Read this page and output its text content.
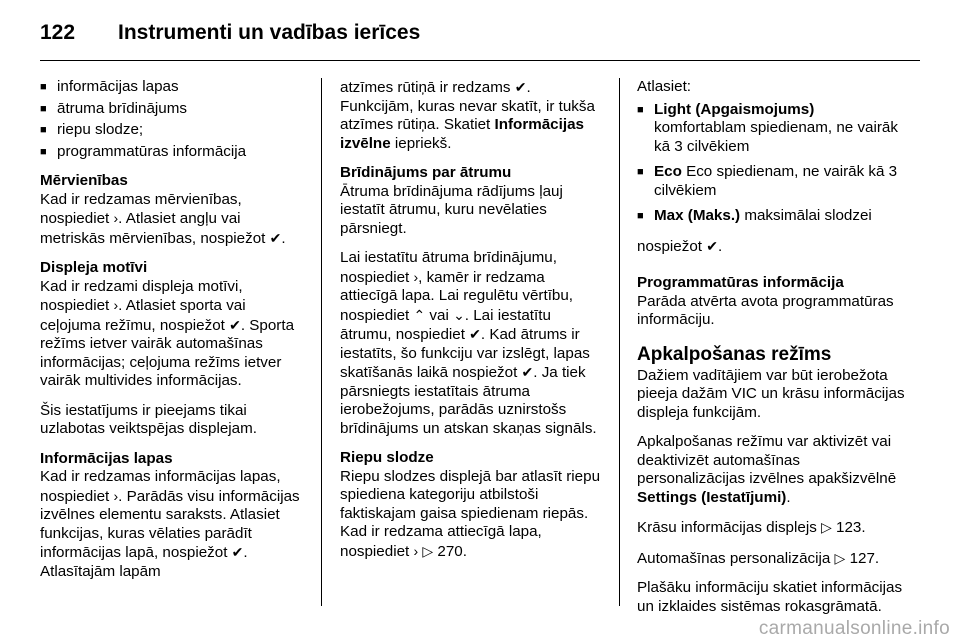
122 Instrumenti un vadības ierīces
■ informācijas lapas
■ ātruma brīdinājums
■ riepu slodze;
■ programmatūras informācija

Mērvienības
Kad ir redzamas mērvienības, nospiediet ›. Atlasiet angļu vai metriskās mērvienības, nospiežot ✔.

Displeja motīvi
Kad ir redzami displeja motīvi, nospiediet ›. Atlasiet sporta vai ceļojuma režīmu, nospiežot ✔. Sporta režīms ietver vairāk automašīnas informācijas; ceļojuma režīms ietver vairāk multivides informācijas.

Šis iestatījums ir pieejams tikai uzlabotas veiktspējas displejam.

Informācijas lapas
Kad ir redzamas informācijas lapas, nospiediet ›. Parādās visu informācijas izvēlnes elementu saraksts. Atlasiet funkcijas, kuras vēlaties parādīt informācijas lapā, nospiežot ✔. Atlasītajām lapām

atzīmes rūtiņā ir redzams ✔.
Funkcijām, kuras nevar skatīt, ir tukša atzīmes rūtiņa. Skatiet Informācijas izvēlne iepriekš.

Brīdinājums par ātrumu
Ātruma brīdinājuma rādījums ļauj iestatīt ātrumu, kuru nevēlaties pārsniegt.

Lai iestatītu ātruma brīdinājumu, nospiediet ›, kamēr ir redzama attiecīgā lapa. Lai regulētu vērtību, nospiediet ⌃ vai ⌄. Lai iestatītu ātrumu, nospiediet ✔. Kad ātrums ir iestatīts, šo funkciju var izslēgt, lapas skatīšanās laikā nospiežot ✔. Ja tiek pārsniegts iestatītais ātruma ierobežojums, parādās uznirstošs brīdinājums un atskan skaņas signāls.

Riepu slodze
Riepu slodzes displejā bar atlasīt riepu spiediena kategoriju atbilstoši faktiskajam gaisa spiedienam riepās. Kad ir redzama attiecīgā lapa, nospiediet › ▷ 270.

Atlasiet:

■ Light (Apgaismojums)
komfortablam spiedienam, ne vairāk kā 3 cilvēkiem
■ Eco Eco spiedienam, ne vairāk kā 3 cilvēkiem
■ Max (Maks.) maksimālai slodzei

nospiežot ✔.

Programmatūras informācija
Parāda atvērta avota programmatūras informāciju.

Apkalpošanas režīms

Dažiem vadītājiem var būt ierobežota pieeja dažām VIC un krāsu informācijas displeja funkcijām.

Apkalpošanas režīmu var aktivizēt vai deaktivizēt automašīnas personalizācijas izvēlnes apakšizvēlnē Settings (Iestatījumi).

Krāsu informācijas displejs ▷ 123.

Automašīnas personalizācija ▷ 127.

Plašāku informāciju skatiet informācijas un izklaides sistēmas rokasgrāmatā.

carmanualsonline.info
